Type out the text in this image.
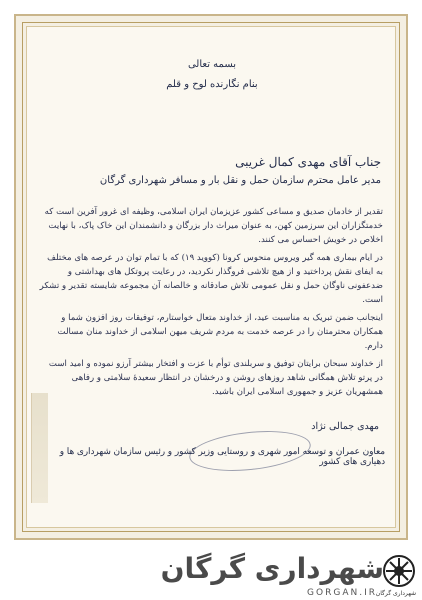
بسمه تعالی
بنام نگارنده لوح و قلم
جناب آقای مهدی کمال غریبی
مدیر عامل محترم سازمان حمل و نقل بار و مسافر شهرداری گرگان

تقدیر از خادمان صدیق و مساعی کشور عزیزمان ایران اسلامی، وظیفه ای غرور آفرین است که خدمتگزاران این سرزمین کهن، به عنوان میراث دار بزرگان و دانشمندان این خاک پاک، با نهایت اخلاص در خویش احساس می کنند.

در ایام بیماری همه گیر ویروس منحوس کرونا (کووید ۱۹) که با تمام توان در عرصه های مختلف به ایفای نقش پرداختید و از هیچ تلاشی فروگذار نکردید، در رعایت پروتکل های بهداشتی و ضدعفونی ناوگان حمل و نقل عمومی تلاش صادقانه و خالصانه آن مجموعه شایسته تقدیر و تشکر است.

اینجانب ضمن تبریک به مناسبت عید، از خداوند متعال خواستارم، توفیقات روز افزون شما و همکاران محترمتان را در عرصه خدمت به مردم شریف میهن اسلامی از خداوند منان مسالت دارم.

از خداوند سبحان برایتان توفیق و سربلندی توأم با عزت و افتخار بیشتر آرزو نموده و امید است در پرتو تلاش همگانی شاهد روزهای روشن و درخشان در انتظار سعیدۀ سلامتی و رفاهی همشهریان عزیز و جمهوری اسلامی ایران باشید.

مهدی جمالی نژاد
معاون عمران و توسعه امور شهری و روستایی وزیر کشور و رئیس سازمان شهرداری ها و دهیاری های کشور
شهرداری گرگان
GORGAN.IR
شهرداری گرگان
